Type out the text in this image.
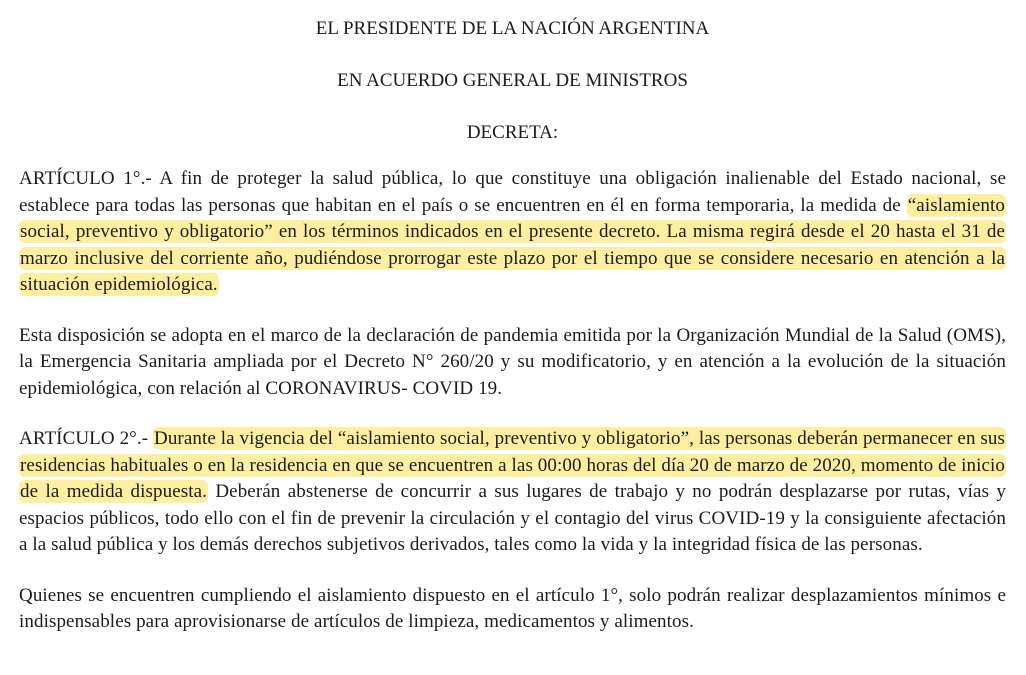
EL PRESIDENTE DE LA NACIÓN ARGENTINA

EN ACUERDO GENERAL DE MINISTROS

DECRETA:

ARTÍCULO 1°.- A fin de proteger la salud pública, lo que constituye una obligación inalienable del Estado nacional, se establece para todas las personas que habitan en el país o se encuentren en él en forma temporaria, la medida de “aislamiento social, preventivo y obligatorio” en los términos indicados en el presente decreto. La misma regirá desde el 20 hasta el 31 de marzo inclusive del corriente año, pudiéndose prorrogar este plazo por el tiempo que se considere necesario en atención a la situación epidemiológica.

Esta disposición se adopta en el marco de la declaración de pandemia emitida por la Organización Mundial de la Salud (OMS), la Emergencia Sanitaria ampliada por el Decreto N° 260/20 y su modificatorio, y en atención a la evolución de la situación epidemiológica, con relación al CORONAVIRUS- COVID 19.

ARTÍCULO 2°.- Durante la vigencia del “aislamiento social, preventivo y obligatorio”, las personas deberán permanecer en sus residencias habituales o en la residencia en que se encuentren a las 00:00 horas del día 20 de marzo de 2020, momento de inicio de la medida dispuesta. Deberán abstenerse de concurrir a sus lugares de trabajo y no podrán desplazarse por rutas, vías y espacios públicos, todo ello con el fin de prevenir la circulación y el contagio del virus COVID-19 y la consiguiente afectación a la salud pública y los demás derechos subjetivos derivados, tales como la vida y la integridad física de las personas.

Quienes se encuentren cumpliendo el aislamiento dispuesto en el artículo 1°, solo podrán realizar desplazamientos mínimos e indispensables para aprovisionarse de artículos de limpieza, medicamentos y alimentos.
